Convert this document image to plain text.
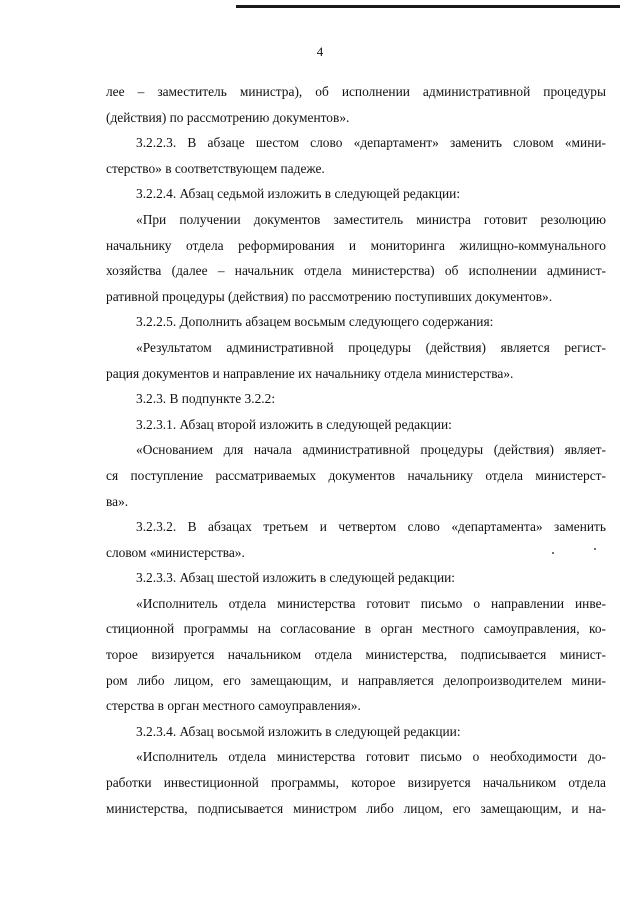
4
лее – заместитель министра), об исполнении административной процедуры
(действия) по рассмотрению документов».
3.2.2.3. В абзаце шестом слово «департамент» заменить словом «мини-
стерство» в соответствующем падеже.
3.2.2.4. Абзац седьмой изложить в следующей редакции:
«При получении документов заместитель министра готовит резолюцию
начальнику отдела реформирования и мониторинга жилищно-коммунального
хозяйства (далее – начальник отдела министерства) об исполнении админист-
ративной процедуры (действия) по рассмотрению поступивших документов».
3.2.2.5. Дополнить абзацем восьмым следующего содержания:
«Результатом административной процедуры (действия) является регист-
рация документов и направление их начальнику отдела министерства».
3.2.3. В подпункте 3.2.2:
3.2.3.1. Абзац второй изложить в следующей редакции:
«Основанием для начала административной процедуры (действия) являет-
ся поступление рассматриваемых документов начальнику отдела министерст-
ва».
3.2.3.2. В абзацах третьем и четвертом слово «департамента» заменить
словом «министерства».
3.2.3.3. Абзац шестой изложить в следующей редакции:
«Исполнитель отдела министерства готовит письмо о направлении инве-
стиционной программы на согласование в орган местного самоуправления, ко-
торое визируется начальником отдела министерства, подписывается минист-
ром либо лицом, его замещающим, и направляется делопроизводителем мини-
стерства в орган местного самоуправления».
3.2.3.4. Абзац восьмой изложить в следующей редакции:
«Исполнитель отдела министерства готовит письмо о необходимости до-
работки инвестиционной программы, которое визируется начальником отдела
министерства, подписывается министром либо лицом, его замещающим, и на-
